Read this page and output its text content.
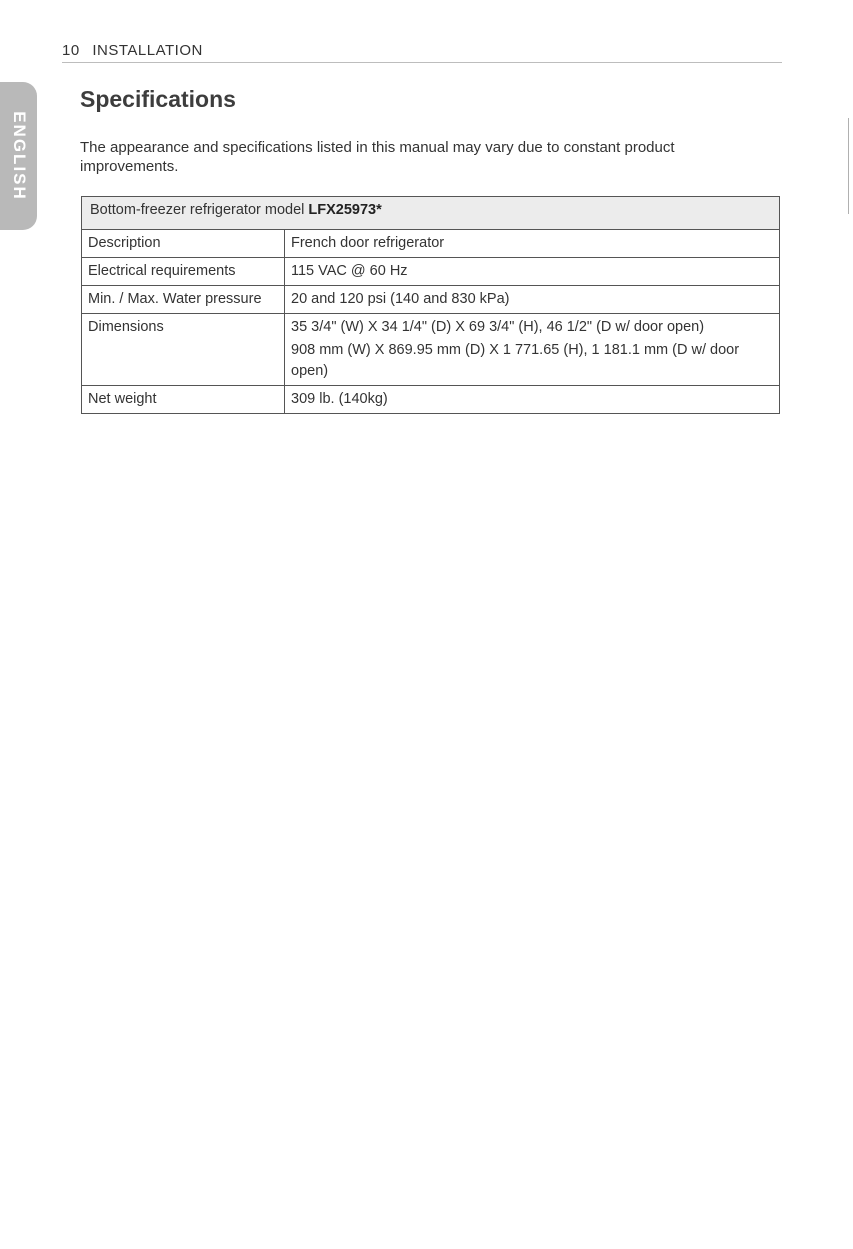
10 INSTALLATION
ENGLISH
Specifications

The appearance and specifications listed in this manual may vary due to constant product improvements.

Bottom-freezer refrigerator model LFX25973*	
Description	French door refrigerator
Electrical requirements	115 VAC @ 60 Hz
Min. / Max. Water pressure	20 and 120 psi (140 and 830 kPa)
Dimensions	35 3/4" (W) X 34 1/4" (D) X 69 3/4" (H), 46 1/2" (D w/ door open)
908 mm (W) X 869.95 mm (D) X 1 771.65 (H), 1 181.1 mm (D w/ door open)

Net weight	309 lb. (140kg)
